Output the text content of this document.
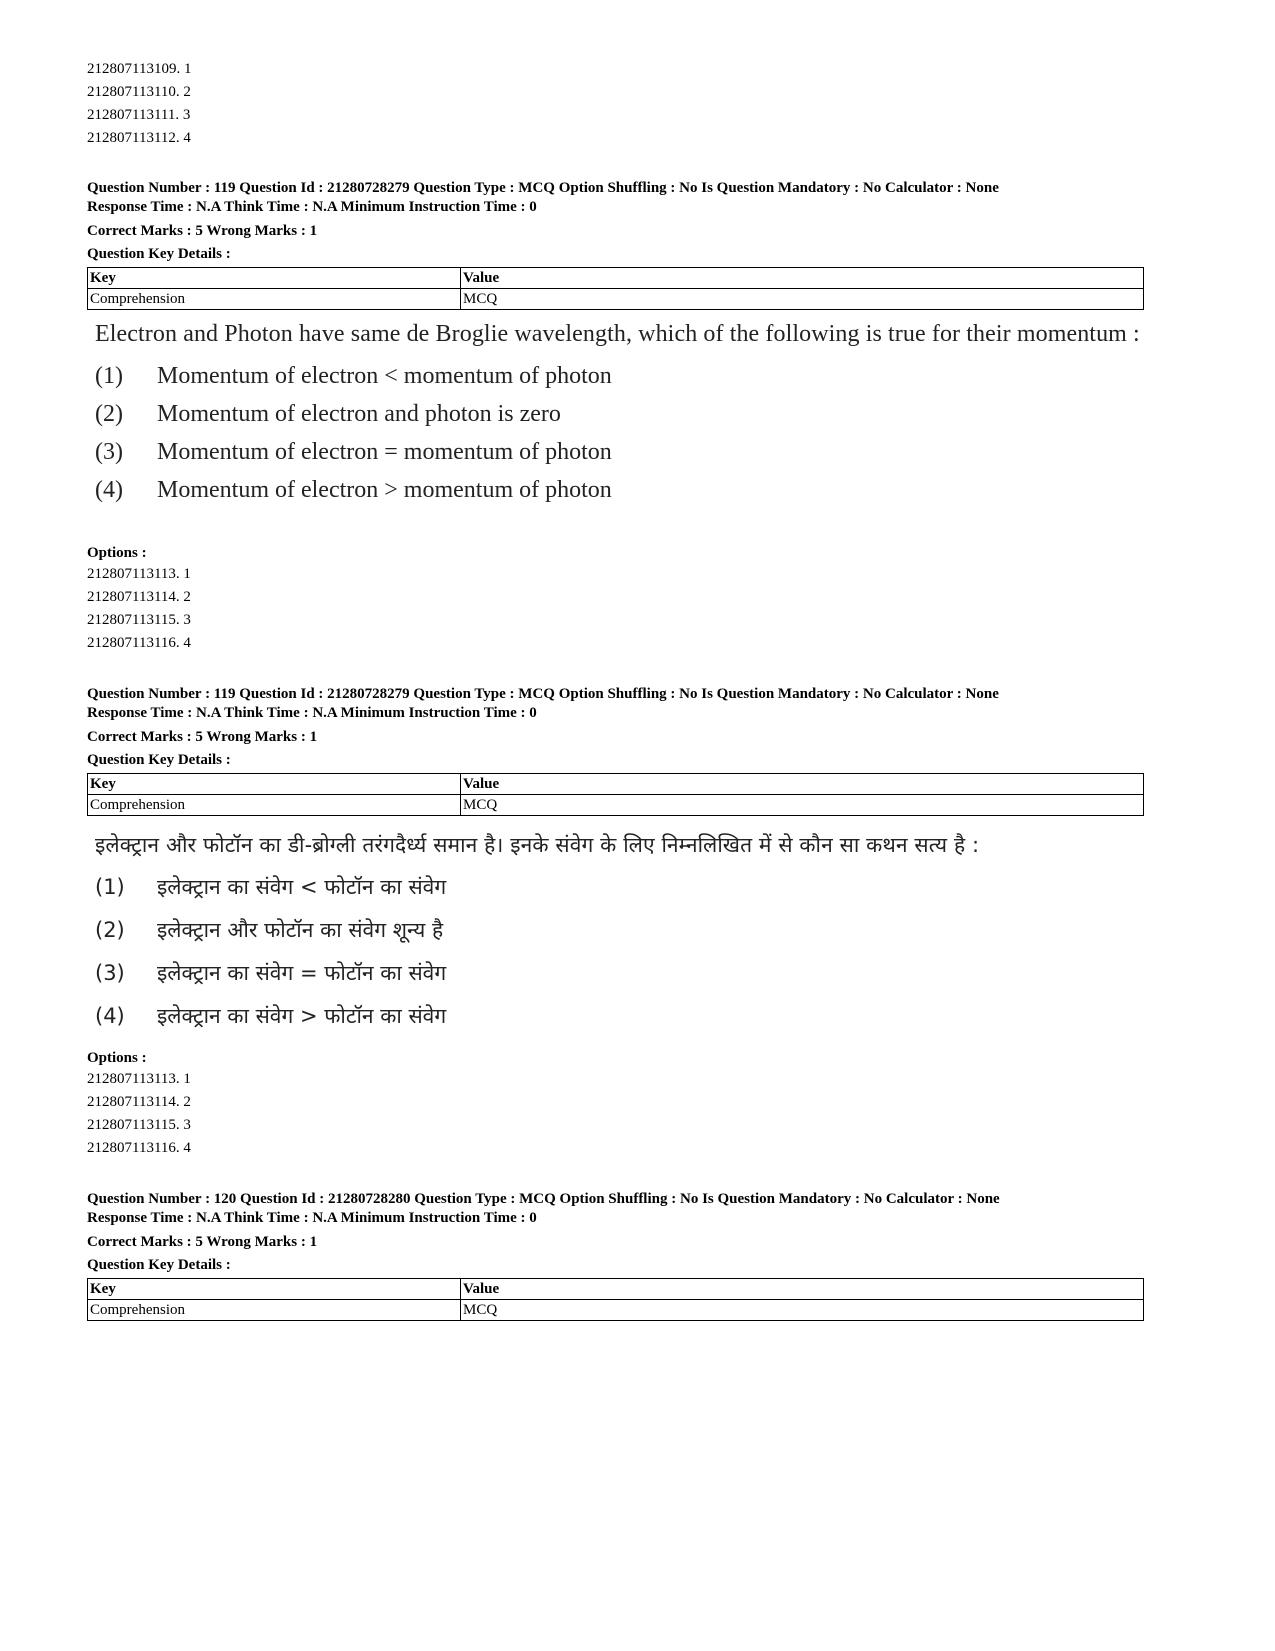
212807113109. 1
212807113110. 2
212807113111. 3
212807113112. 4
Question Number : 119 Question Id : 21280728279 Question Type : MCQ Option Shuffling : No Is Question Mandatory : No Calculator : None
Response Time : N.A Think Time : N.A Minimum Instruction Time : 0
Correct Marks : 5 Wrong Marks : 1
Question Key Details :
Key	Value
Comprehension	MCQ
Electron and Photon have same de Broglie wavelength, which of the following is true for their momentum :
(1)	Momentum of electron < momentum of photon
(2)	Momentum of electron and photon is zero
(3)	Momentum of electron = momentum of photon
(4)	Momentum of electron > momentum of photon
Options :
212807113113. 1
212807113114. 2
212807113115. 3
212807113116. 4
Question Number : 119 Question Id : 21280728279 Question Type : MCQ Option Shuffling : No Is Question Mandatory : No Calculator : None
Response Time : N.A Think Time : N.A Minimum Instruction Time : 0
Correct Marks : 5 Wrong Marks : 1
Question Key Details :
Key	Value
Comprehension	MCQ
इलेक्ट्रान और फोटॉन का डी-ब्रोग्ली तरंगदैर्ध्य समान है। इनके संवेग के लिए निम्नलिखित में से कौन सा कथन सत्य है :
(1)	इलेक्ट्रान का संवेग < फोटॉन का संवेग
(2)	इलेक्ट्रान और फोटॉन का संवेग शून्य है
(3)	इलेक्ट्रान का संवेग = फोटॉन का संवेग
(4)	इलेक्ट्रान का संवेग > फोटॉन का संवेग
Options :
212807113113. 1
212807113114. 2
212807113115. 3
212807113116. 4
Question Number : 120 Question Id : 21280728280 Question Type : MCQ Option Shuffling : No Is Question Mandatory : No Calculator : None
Response Time : N.A Think Time : N.A Minimum Instruction Time : 0
Correct Marks : 5 Wrong Marks : 1
Question Key Details :
Key	Value
Comprehension	MCQ
